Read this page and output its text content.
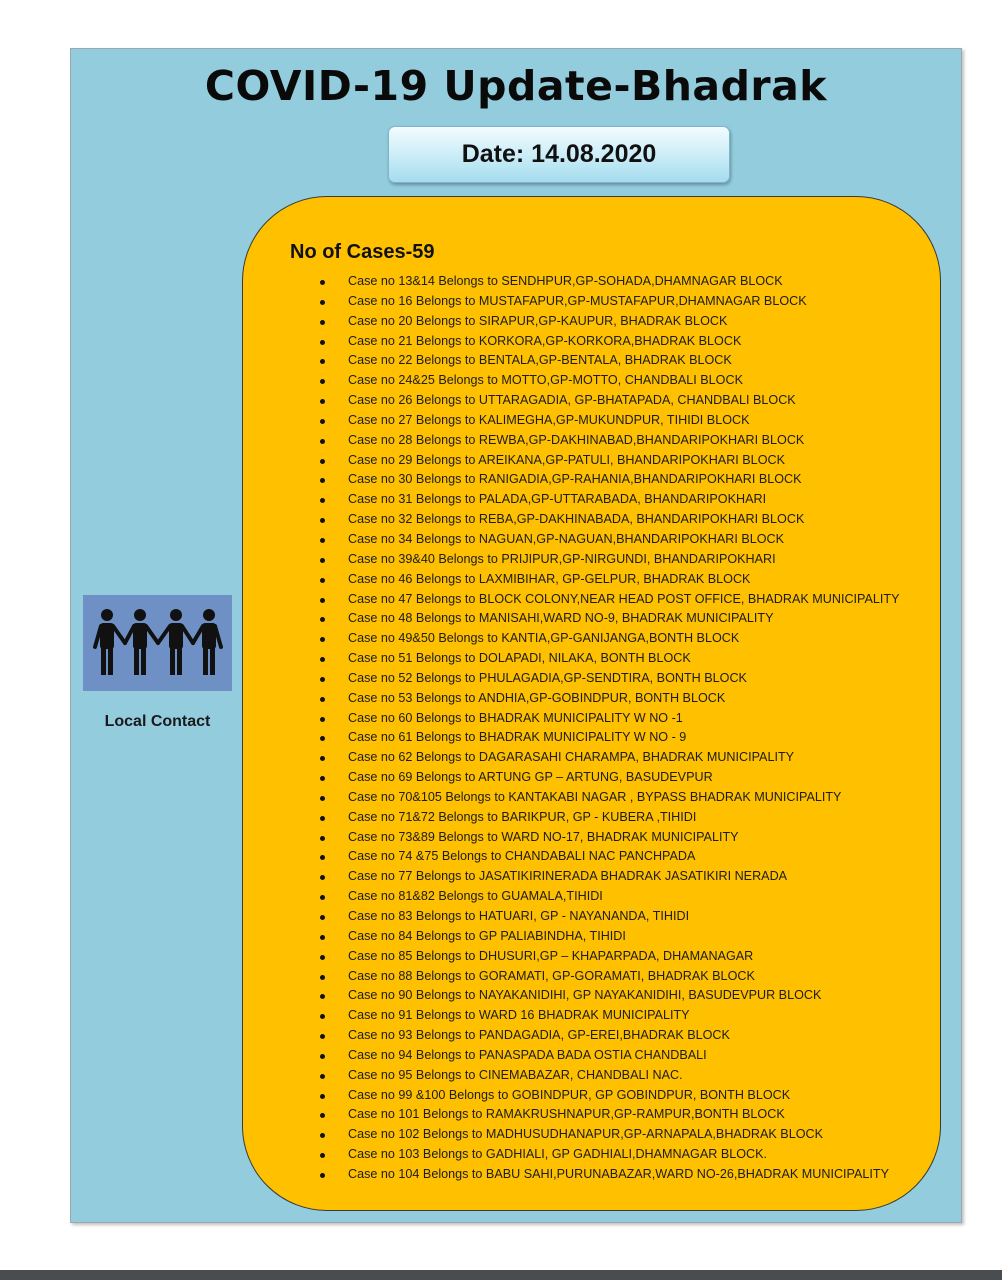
COVID-19 Update-Bhadrak
Date: 14.08.2020
Local Contact
No of Cases-59
Case no 13&14 Belongs to SENDHPUR,GP-SOHADA,DHAMNAGAR BLOCK
Case no 16 Belongs to MUSTAFAPUR,GP-MUSTAFAPUR,DHAMNAGAR BLOCK
Case no 20 Belongs to SIRAPUR,GP-KAUPUR, BHADRAK BLOCK
Case no 21 Belongs to KORKORA,GP-KORKORA,BHADRAK BLOCK
Case no 22 Belongs to BENTALA,GP-BENTALA, BHADRAK BLOCK
Case no 24&25 Belongs to MOTTO,GP-MOTTO, CHANDBALI BLOCK
Case no 26 Belongs to UTTARAGADIA, GP-BHATAPADA, CHANDBALI BLOCK
Case no 27 Belongs to KALIMEGHA,GP-MUKUNDPUR, TIHIDI BLOCK
Case no 28 Belongs to REWBA,GP-DAKHINABAD,BHANDARIPOKHARI BLOCK
Case no 29 Belongs to AREIKANA,GP-PATULI, BHANDARIPOKHARI BLOCK
Case no 30 Belongs to RANIGADIA,GP-RAHANIA,BHANDARIPOKHARI BLOCK
Case no 31 Belongs to PALADA,GP-UTTARABADA, BHANDARIPOKHARI
Case no 32 Belongs to REBA,GP-DAKHINABADA, BHANDARIPOKHARI BLOCK
Case no 34 Belongs to NAGUAN,GP-NAGUAN,BHANDARIPOKHARI BLOCK
Case no 39&40 Belongs to PRIJIPUR,GP-NIRGUNDI, BHANDARIPOKHARI
Case no 46 Belongs to LAXMIBIHAR, GP-GELPUR, BHADRAK BLOCK
Case no 47 Belongs to BLOCK COLONY,NEAR HEAD POST OFFICE, BHADRAK MUNICIPALITY
Case no 48 Belongs to MANISAHI,WARD NO-9, BHADRAK MUNICIPALITY
Case no 49&50 Belongs to KANTIA,GP-GANIJANGA,BONTH BLOCK
Case no 51 Belongs to DOLAPADI, NILAKA, BONTH BLOCK
Case no 52 Belongs to PHULAGADIA,GP-SENDTIRA, BONTH BLOCK
Case no 53 Belongs to ANDHIA,GP-GOBINDPUR, BONTH BLOCK
Case no 60 Belongs to BHADRAK MUNICIPALITY W NO -1
Case no 61 Belongs to BHADRAK MUNICIPALITY W NO - 9
Case no 62 Belongs to DAGARASAHI CHARAMPA, BHADRAK MUNICIPALITY
Case no 69 Belongs to ARTUNG GP – ARTUNG, BASUDEVPUR
Case no 70&105 Belongs to KANTAKABI NAGAR , BYPASS BHADRAK MUNICIPALITY
Case no 71&72 Belongs to BARIKPUR, GP - KUBERA ,TIHIDI
Case no 73&89 Belongs to WARD NO-17, BHADRAK MUNICIPALITY
Case no 74 &75 Belongs to CHANDABALI NAC PANCHPADA
Case no 77 Belongs to JASATIKIRINERADA BHADRAK JASATIKIRI NERADA
Case no 81&82 Belongs to GUAMALA,TIHIDI
Case no 83 Belongs to HATUARI, GP - NAYANANDA, TIHIDI
Case no 84 Belongs to GP PALIABINDHA, TIHIDI
Case no 85 Belongs to DHUSURI,GP – KHAPARPADA, DHAMANAGAR
Case no 88 Belongs to GORAMATI, GP-GORAMATI, BHADRAK BLOCK
Case no 90 Belongs to NAYAKANIDIHI, GP NAYAKANIDIHI, BASUDEVPUR BLOCK
Case no 91 Belongs to WARD 16 BHADRAK MUNICIPALITY
Case no 93 Belongs to PANDAGADIA, GP-EREI,BHADRAK BLOCK
Case no 94 Belongs to PANASPADA BADA OSTIA CHANDBALI
Case no 95 Belongs to CINEMABAZAR, CHANDBALI NAC.
Case no 99 &100 Belongs to GOBINDPUR, GP GOBINDPUR, BONTH BLOCK
Case no 101 Belongs to RAMAKRUSHNAPUR,GP-RAMPUR,BONTH BLOCK
Case no 102 Belongs to MADHUSUDHANAPUR,GP-ARNAPALA,BHADRAK BLOCK
Case no 103 Belongs to GADHIALI, GP GADHIALI,DHAMNAGAR BLOCK.
Case no 104 Belongs to BABU SAHI,PURUNABAZAR,WARD NO-26,BHADRAK MUNICIPALITY
